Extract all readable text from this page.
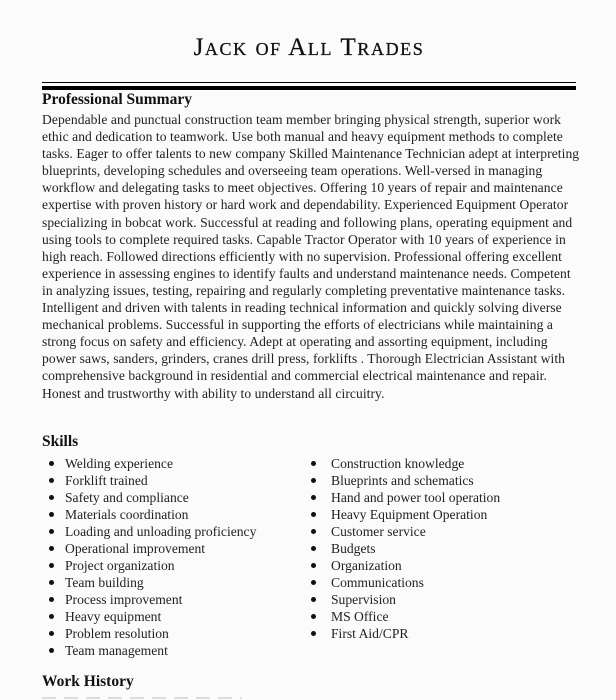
Jack of All Trades
Professional Summary

Dependable and punctual construction team member bringing physical strength, superior work ethic and dedication to teamwork. Use both manual and heavy equipment methods to complete tasks. Eager to offer talents to new company Skilled Maintenance Technician adept at interpreting blueprints, developing schedules and overseeing team operations. Well-versed in managing workflow and delegating tasks to meet objectives. Offering 10 years of repair and maintenance expertise with proven history or hard work and dependability. Experienced Equipment Operator specializing in bobcat work. Successful at reading and following plans, operating equipment and using tools to complete required tasks. Capable Tractor Operator with 10 years of experience in high reach. Followed directions efficiently with no supervision. Professional offering excellent experience in assessing engines to identify faults and understand maintenance needs. Competent in analyzing issues, testing, repairing and regularly completing preventative maintenance tasks. Intelligent and driven with talents in reading technical information and quickly solving diverse mechanical problems. Successful in supporting the efforts of electricians while maintaining a strong focus on safety and efficiency. Adept at operating and assorting equipment, including power saws, sanders, grinders, cranes drill press, forklifts . Thorough Electrician Assistant with comprehensive background in residential and commercial electrical maintenance and repair. Honest and trustworthy with ability to understand all circuitry.

Skills
Welding experience
Forklift trained
Safety and compliance
Materials coordination
Loading and unloading proficiency
Operational improvement
Project organization
Team building
Process improvement
Heavy equipment
Problem resolution
Team management
Construction knowledge
Blueprints and schematics
Hand and power tool operation
Heavy Equipment Operation
Customer service
Budgets
Organization
Communications
Supervision
MS Office
First Aid/CPR
Work History
